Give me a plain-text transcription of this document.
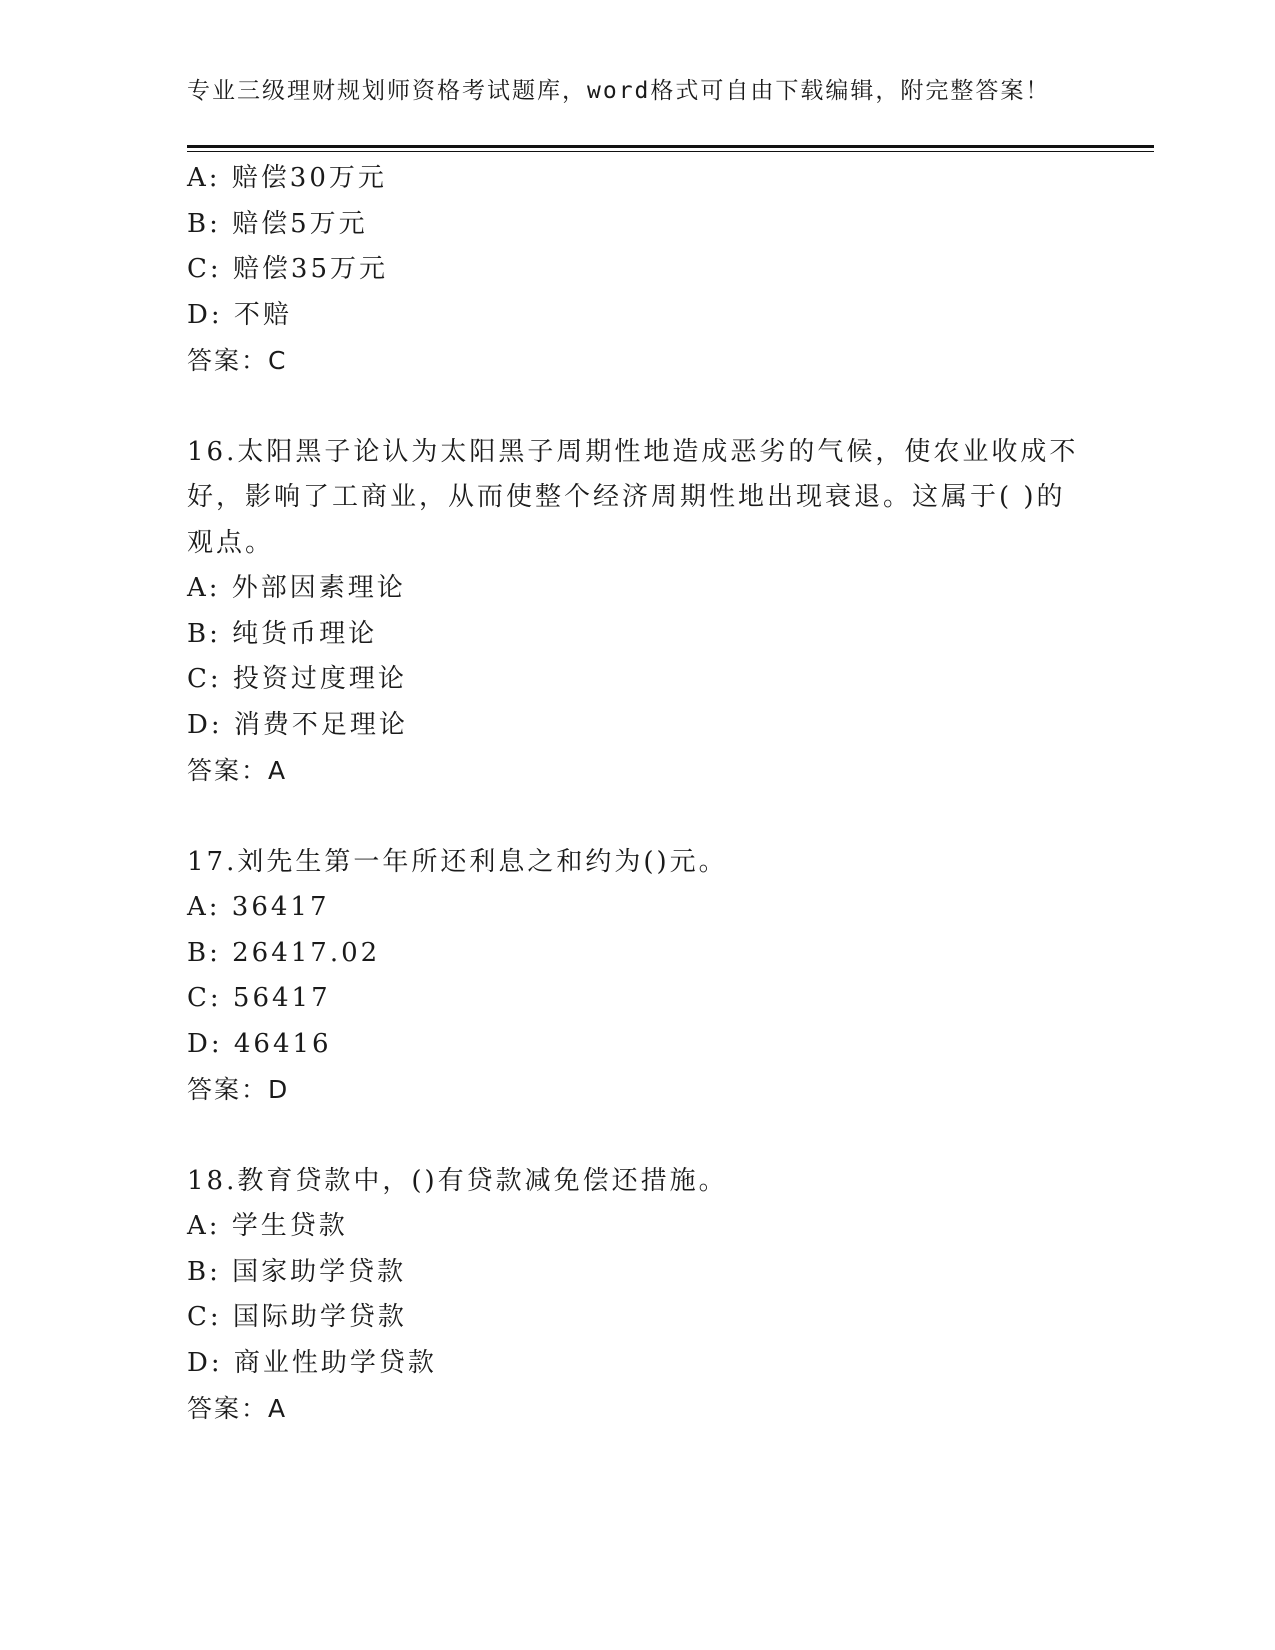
专业三级理财规划师资格考试题库，word格式可自由下载编辑，附完整答案！
A: 赔偿30万元
B: 赔偿5万元
C: 赔偿35万元
D: 不赔
答案：C
16.太阳黑子论认为太阳黑子周期性地造成恶劣的气候，使农业收成不
好，影响了工商业，从而使整个经济周期性地出现衰退。这属于( )的
观点。
A: 外部因素理论
B: 纯货币理论
C: 投资过度理论
D: 消费不足理论
答案：A
17.刘先生第一年所还利息之和约为()元。
A: 36417
B: 26417.02
C: 56417
D: 46416
答案：D
18.教育贷款中，()有贷款减免偿还措施。
A: 学生贷款
B: 国家助学贷款
C: 国际助学贷款
D: 商业性助学贷款
答案：A
